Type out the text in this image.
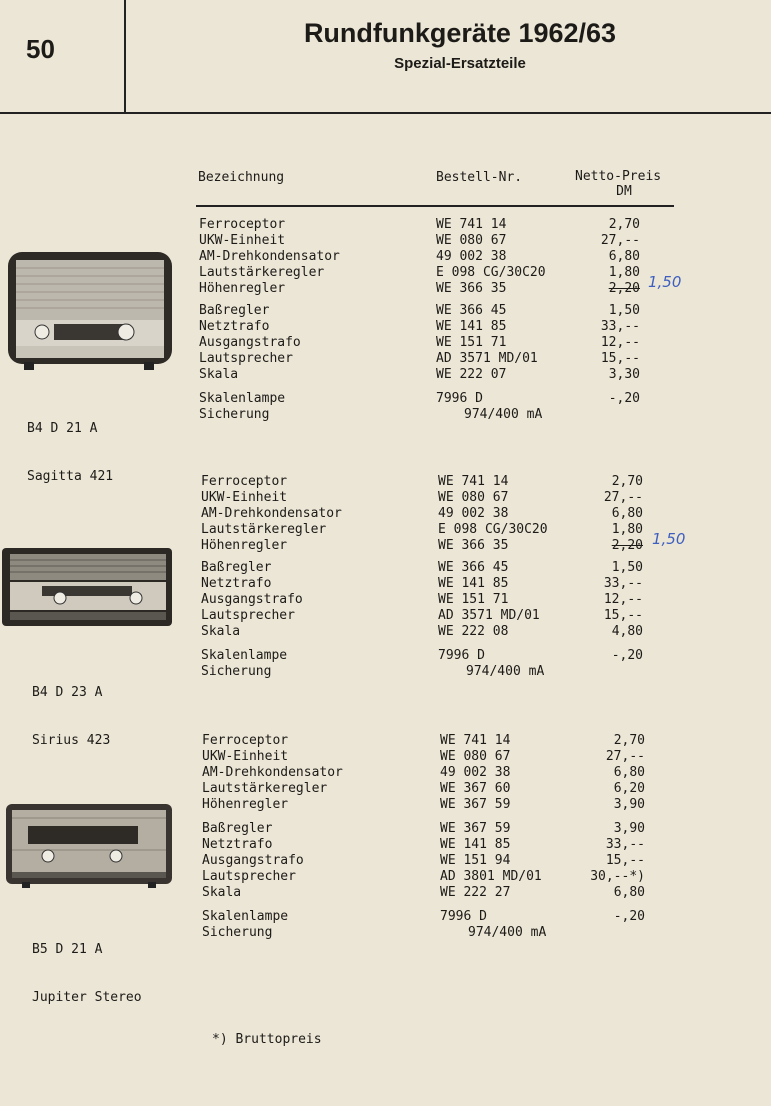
50
Rundfunkgeräte 1962/63
Spezial-Ersatzteile
Bezeichnung	Bestell-Nr.	Netto-Preis
DM

B4 D 21 A

Sagitta 421

B4 D 23 A

Sirius 423

B5 D 21 A

Jupiter Stereo

Ferroceptor	WE 741 14	2,70
UKW-Einheit	WE 080 67	27,--
AM-Drehkondensator	49 002 38	6,80
Lautstärkeregler	E 098 CG/30C20	1,80
Höhenregler	WE 366 35	2,20 1,50
Baßregler	WE 366 45	1,50
Netztrafo	WE 141 85	33,--
Ausgangstrafo	WE 151 71	12,--
Lautsprecher	AD 3571 MD/01	15,--
Skala	WE 222 07	3,30
Skalenlampe	7996 D	-,20
Sicherung	974/400 mA
Ferroceptor	WE 741 14	2,70
UKW-Einheit	WE 080 67	27,--
AM-Drehkondensator	49 002 38	6,80
Lautstärkeregler	E 098 CG/30C20	1,80
Höhenregler	WE 366 35	2,20 1,50
Baßregler	WE 366 45	1,50
Netztrafo	WE 141 85	33,--
Ausgangstrafo	WE 151 71	12,--
Lautsprecher	AD 3571 MD/01	15,--
Skala	WE 222 08	4,80
Skalenlampe	7996 D	-,20
Sicherung	974/400 mA
Ferroceptor	WE 741 14	2,70
UKW-Einheit	WE 080 67	27,--
AM-Drehkondensator	49 002 38	6,80
Lautstärkeregler	WE 367 60	6,20
Höhenregler	WE 367 59	3,90
Baßregler	WE 367 59	3,90
Netztrafo	WE 141 85	33,--
Ausgangstrafo	WE 151 94	15,--
Lautsprecher	AD 3801 MD/01	30,--*)
Skala	WE 222 27	6,80
Skalenlampe	7996 D	-,20
Sicherung	974/400 mA
*) Bruttopreis
